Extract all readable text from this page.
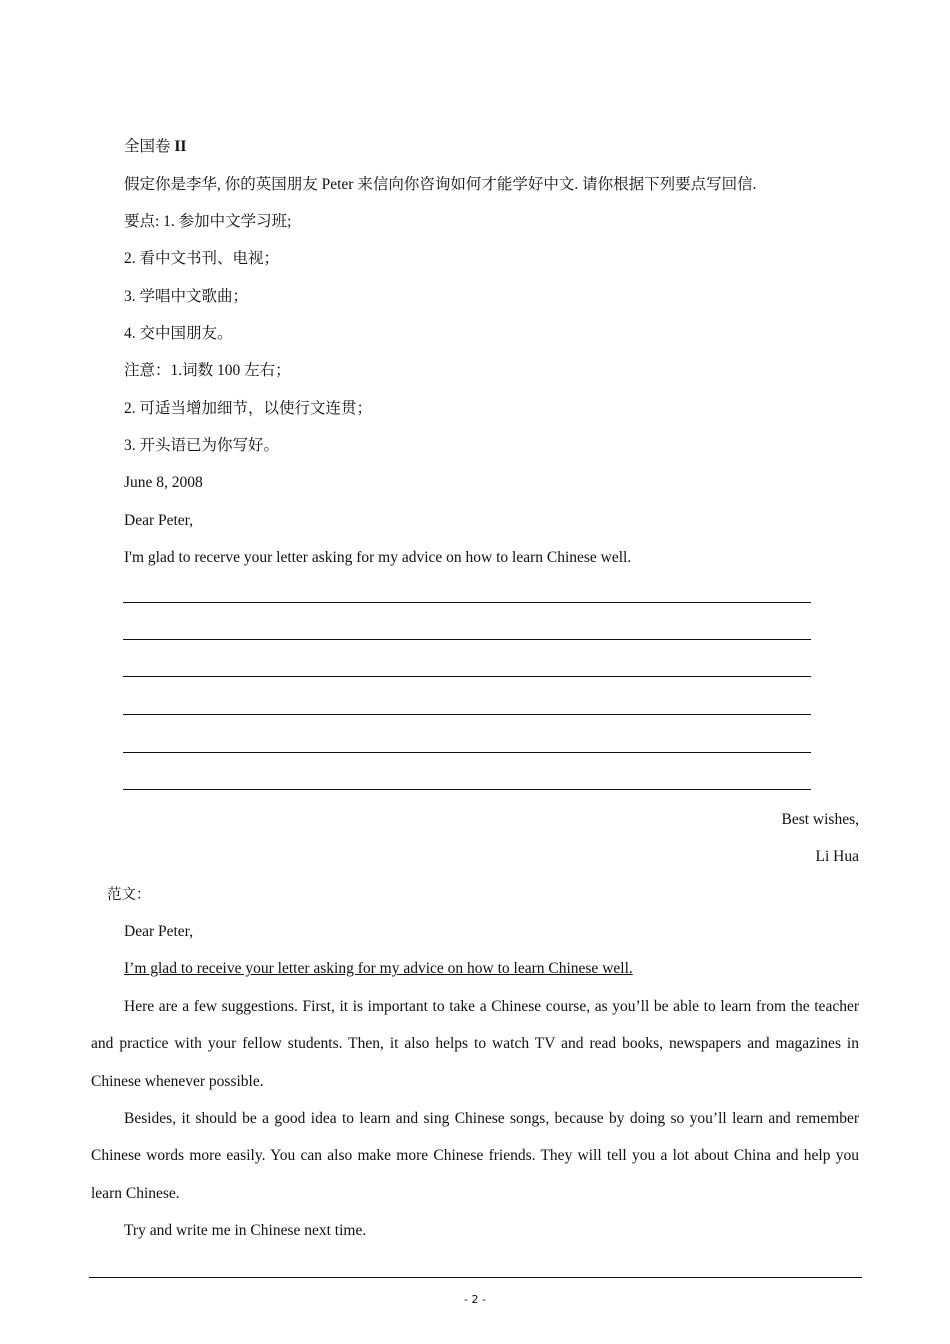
全国卷 II
假定你是李华, 你的英国朋友 Peter 来信向你咨询如何才能学好中文. 请你根据下列要点写回信.
要点: 1. 参加中文学习班;
2. 看中文书刊、电视；
3. 学唱中文歌曲；
4. 交中国朋友。
注意：1.词数 100 左右；
2. 可适当增加细节，以使行文连贯；
3. 开头语已为你写好。
June 8, 2008
Dear Peter,
I'm glad to recerve your letter asking for my advice on how to learn Chinese well.
Best wishes,
Li Hua
范文：
Dear Peter,
I’m glad to receive your letter asking for my advice on how to learn Chinese well.
Here are a few suggestions. First, it is important to take a Chinese course, as you’ll be able to learn from the teacher and practice with your fellow students. Then, it also helps to watch TV and read books, newspapers and magazines in Chinese whenever possible.
Besides, it should be a good idea to learn and sing Chinese songs, because by doing so you’ll learn and remember Chinese words more easily. You can also make more Chinese friends. They will tell you a lot about China and help you learn Chinese.
Try and write me in Chinese next time.
- 2 -
